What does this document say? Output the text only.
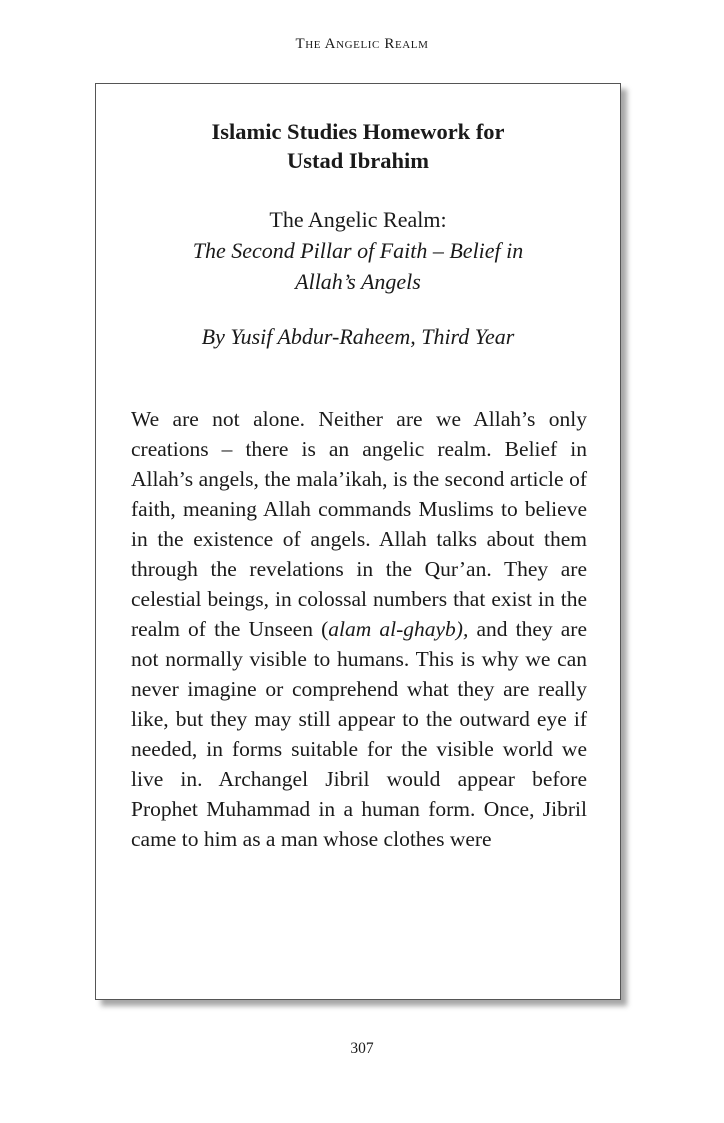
The Angelic Realm
Islamic Studies Homework for
Ustad Ibrahim
The Angelic Realm:
The Second Pillar of Faith – Belief in
Allah’s Angels
By Yusif Abdur-Raheem, Third Year
We are not alone. Neither are we Allah’s only creations – there is an angelic realm. Belief in Allah’s angels, the mala’ikah, is the second article of faith, meaning Allah commands Muslims to believe in the existence of angels. Allah talks about them through the revelations in the Qur’an. They are celestial beings, in colossal numbers that exist in the realm of the Unseen (alam al-ghayb), and they are not normally visible to humans. This is why we can never imagine or comprehend what they are really like, but they may still appear to the outward eye if needed, in forms suitable for the visible world we live in. Archangel Jibril would appear before Prophet Muhammad in a human form. Once, Jibril came to him as a man whose clothes were
307
